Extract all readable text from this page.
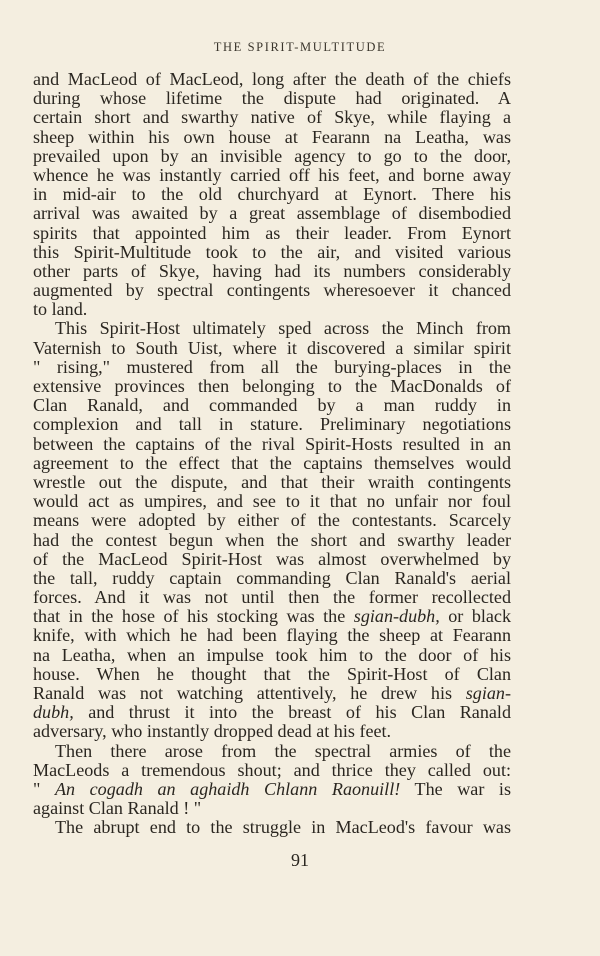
THE SPIRIT-MULTITUDE
and MacLeod of MacLeod, long after the death of the chiefs
during whose lifetime the dispute had originated. A
certain short and swarthy native of Skye, while flaying a
sheep within his own house at Fearann na Leatha, was
prevailed upon by an invisible agency to go to the door,
whence he was instantly carried off his feet, and borne away
in mid-air to the old churchyard at Eynort. There his
arrival was awaited by a great assemblage of disembodied
spirits that appointed him as their leader. From Eynort
this Spirit-Multitude took to the air, and visited various
other parts of Skye, having had its numbers considerably
augmented by spectral contingents wheresoever it chanced
to land.
This Spirit-Host ultimately sped across the Minch from
Vaternish to South Uist, where it discovered a similar spirit
" rising," mustered from all the burying-places in the
extensive provinces then belonging to the MacDonalds of
Clan Ranald, and commanded by a man ruddy in
complexion and tall in stature. Preliminary negotiations
between the captains of the rival Spirit-Hosts resulted in an
agreement to the effect that the captains themselves would
wrestle out the dispute, and that their wraith contingents
would act as umpires, and see to it that no unfair nor foul
means were adopted by either of the contestants. Scarcely
had the contest begun when the short and swarthy leader
of the MacLeod Spirit-Host was almost overwhelmed by
the tall, ruddy captain commanding Clan Ranald's aerial
forces. And it was not until then the former recollected
that in the hose of his stocking was the sgian-dubh, or black
knife, with which he had been flaying the sheep at Fearann
na Leatha, when an impulse took him to the door of his
house. When he thought that the Spirit-Host of Clan
Ranald was not watching attentively, he drew his sgian-
dubh, and thrust it into the breast of his Clan Ranald
adversary, who instantly dropped dead at his feet.
Then there arose from the spectral armies of the
MacLeods a tremendous shout; and thrice they called out:
" An cogadh an aghaidh Chlann Raonuill! The war is
against Clan Ranald ! "
The abrupt end to the struggle in MacLeod's favour was
91
